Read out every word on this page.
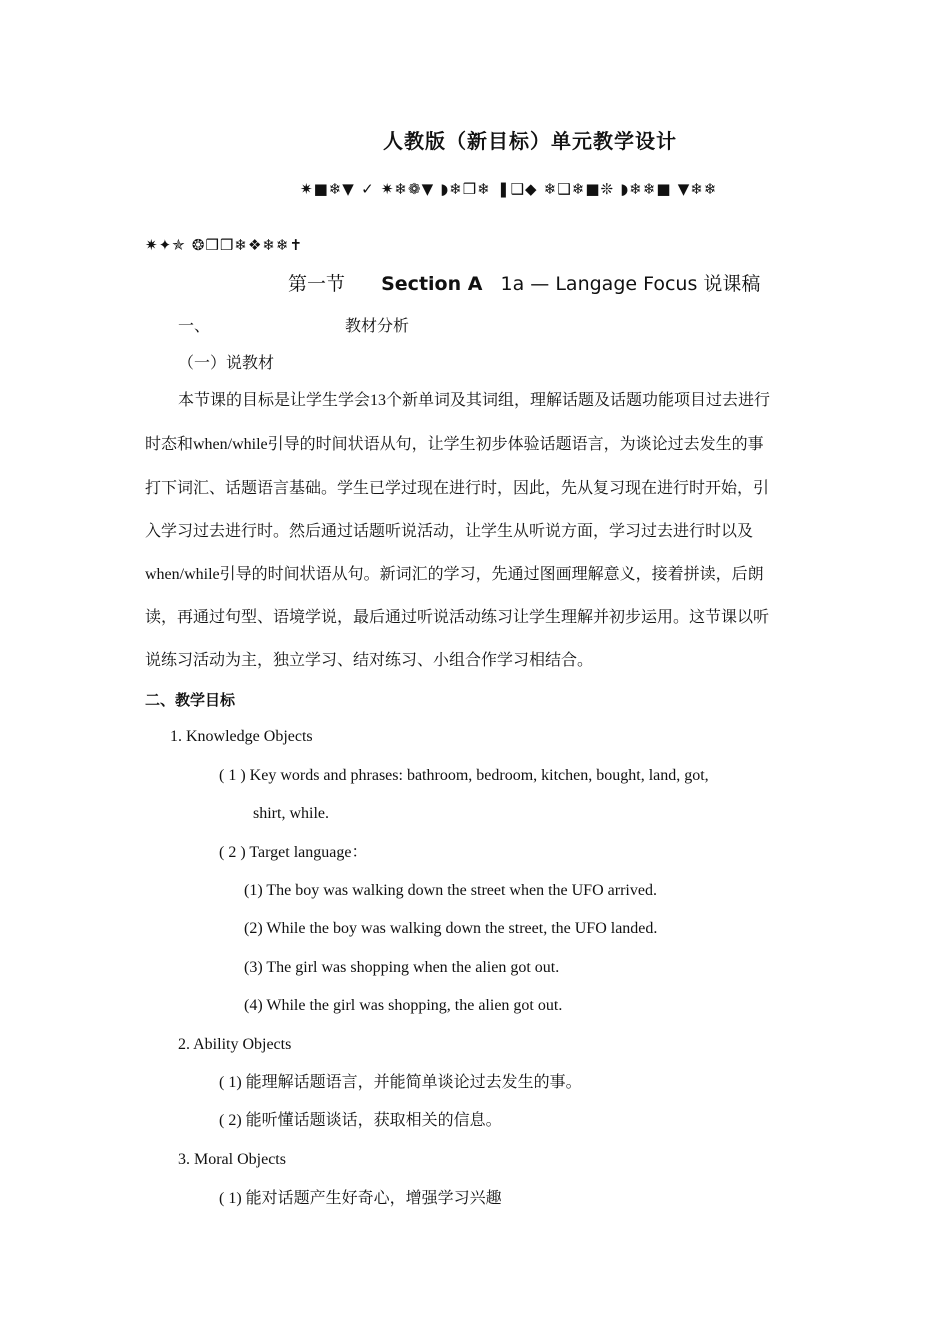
人教版（新目标）单元教学设计
✷■❄▼ ✓ ✷❄❁▼ ◗❄❒❄ ❚❑◆ ❄❑❄■❊ ◗❄❄■ ▼❄❄
✷✦✯ ❂❒❒❄❖❄❄✝
第一节 Section A 1a — Langage Focus 说课稿
一、	教材分析
（一）说教材
本节课的目标是让学生学会13个新单词及其词组，理解话题及话题功能项目过去进行
时态和when/while引导的时间状语从句，让学生初步体验话题语言，为谈论过去发生的事
打下词汇、话题语言基础。学生已学过现在进行时，因此，先从复习现在进行时开始，引
入学习过去进行时。然后通过话题听说活动，让学生从听说方面，学习过去进行时以及
when/while引导的时间状语从句。新词汇的学习，先通过图画理解意义，接着拼读，后朗
读，再通过句型、语境学说，最后通过听说活动练习让学生理解并初步运用。这节课以听
说练习活动为主，独立学习、结对练习、小组合作学习相结合。
二、教学目标
1. Knowledge Objects
( 1 ) Key words and phrases: bathroom, bedroom, kitchen, bought, land, got,
shirt, while.
( 2 ) Target language：
(1) The boy was walking down the street when the UFO arrived.
(2) While the boy was walking down the street, the UFO landed.
(3) The girl was shopping when the alien got out.
(4) While the girl was shopping, the alien got out.
2. Ability Objects
( 1) 能理解话题语言，并能简单谈论过去发生的事。
( 2) 能听懂话题谈话，获取相关的信息。
3. Moral Objects
( 1) 能对话题产生好奇心，增强学习兴趣
